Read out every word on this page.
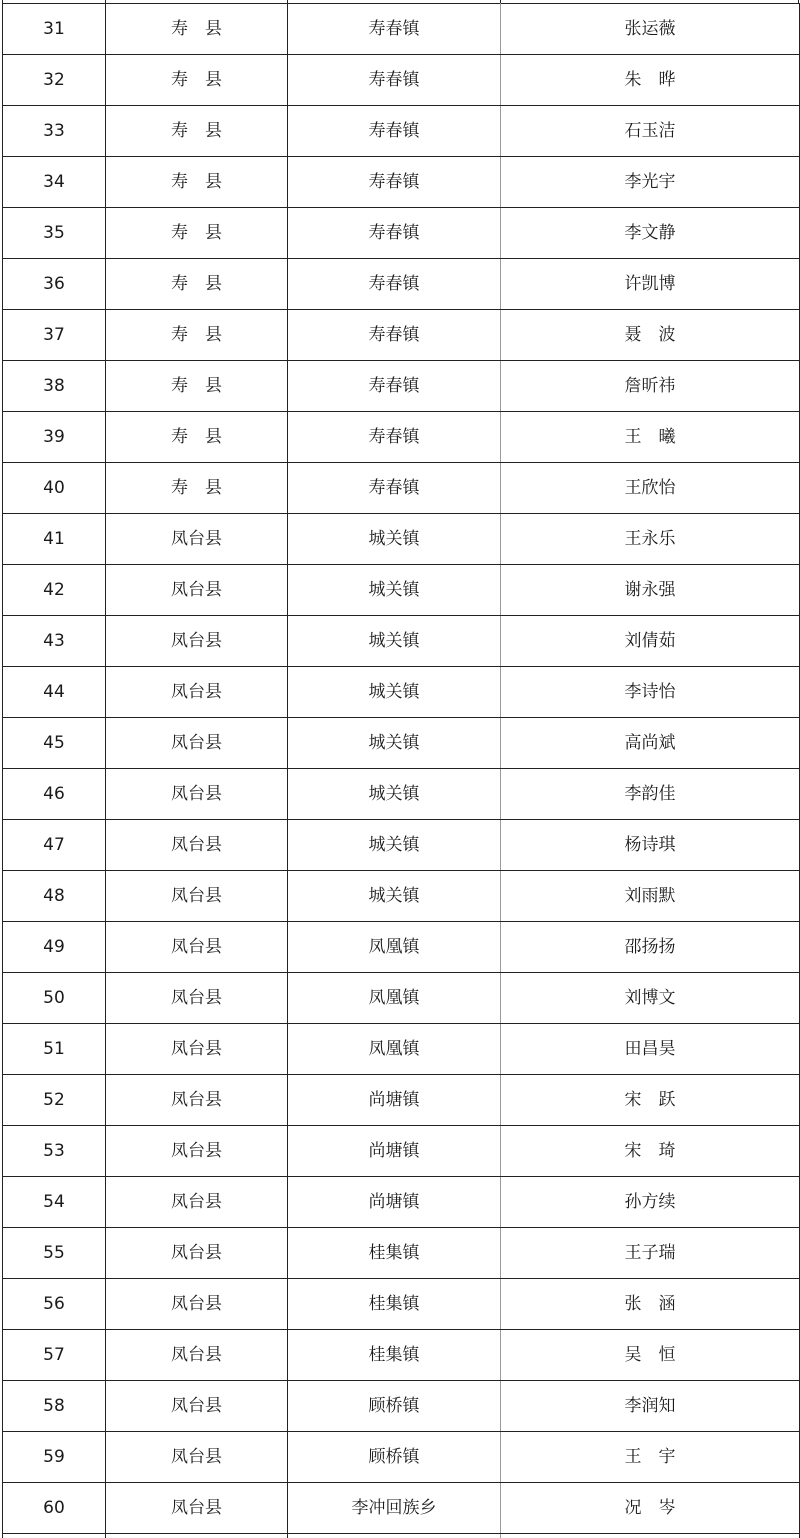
31	寿　县	寿春镇	张运薇
32	寿　县	寿春镇	朱　晔
33	寿　县	寿春镇	石玉洁
34	寿　县	寿春镇	李光宇
35	寿　县	寿春镇	李文静
36	寿　县	寿春镇	许凯博
37	寿　县	寿春镇	聂　波
38	寿　县	寿春镇	詹昕祎
39	寿　县	寿春镇	王　曦
40	寿　县	寿春镇	王欣怡
41	凤台县	城关镇	王永乐
42	凤台县	城关镇	谢永强
43	凤台县	城关镇	刘倩茹
44	凤台县	城关镇	李诗怡
45	凤台县	城关镇	高尚斌
46	凤台县	城关镇	李韵佳
47	凤台县	城关镇	杨诗琪
48	凤台县	城关镇	刘雨默
49	凤台县	凤凰镇	邵扬扬
50	凤台县	凤凰镇	刘博文
51	凤台县	凤凰镇	田昌昊
52	凤台县	尚塘镇	宋　跃
53	凤台县	尚塘镇	宋　琦
54	凤台县	尚塘镇	孙方续
55	凤台县	桂集镇	王子瑞
56	凤台县	桂集镇	张　涵
57	凤台县	桂集镇	吴　恒
58	凤台县	顾桥镇	李润知
59	凤台县	顾桥镇	王　宇
60	凤台县	李冲回族乡	况　岑
